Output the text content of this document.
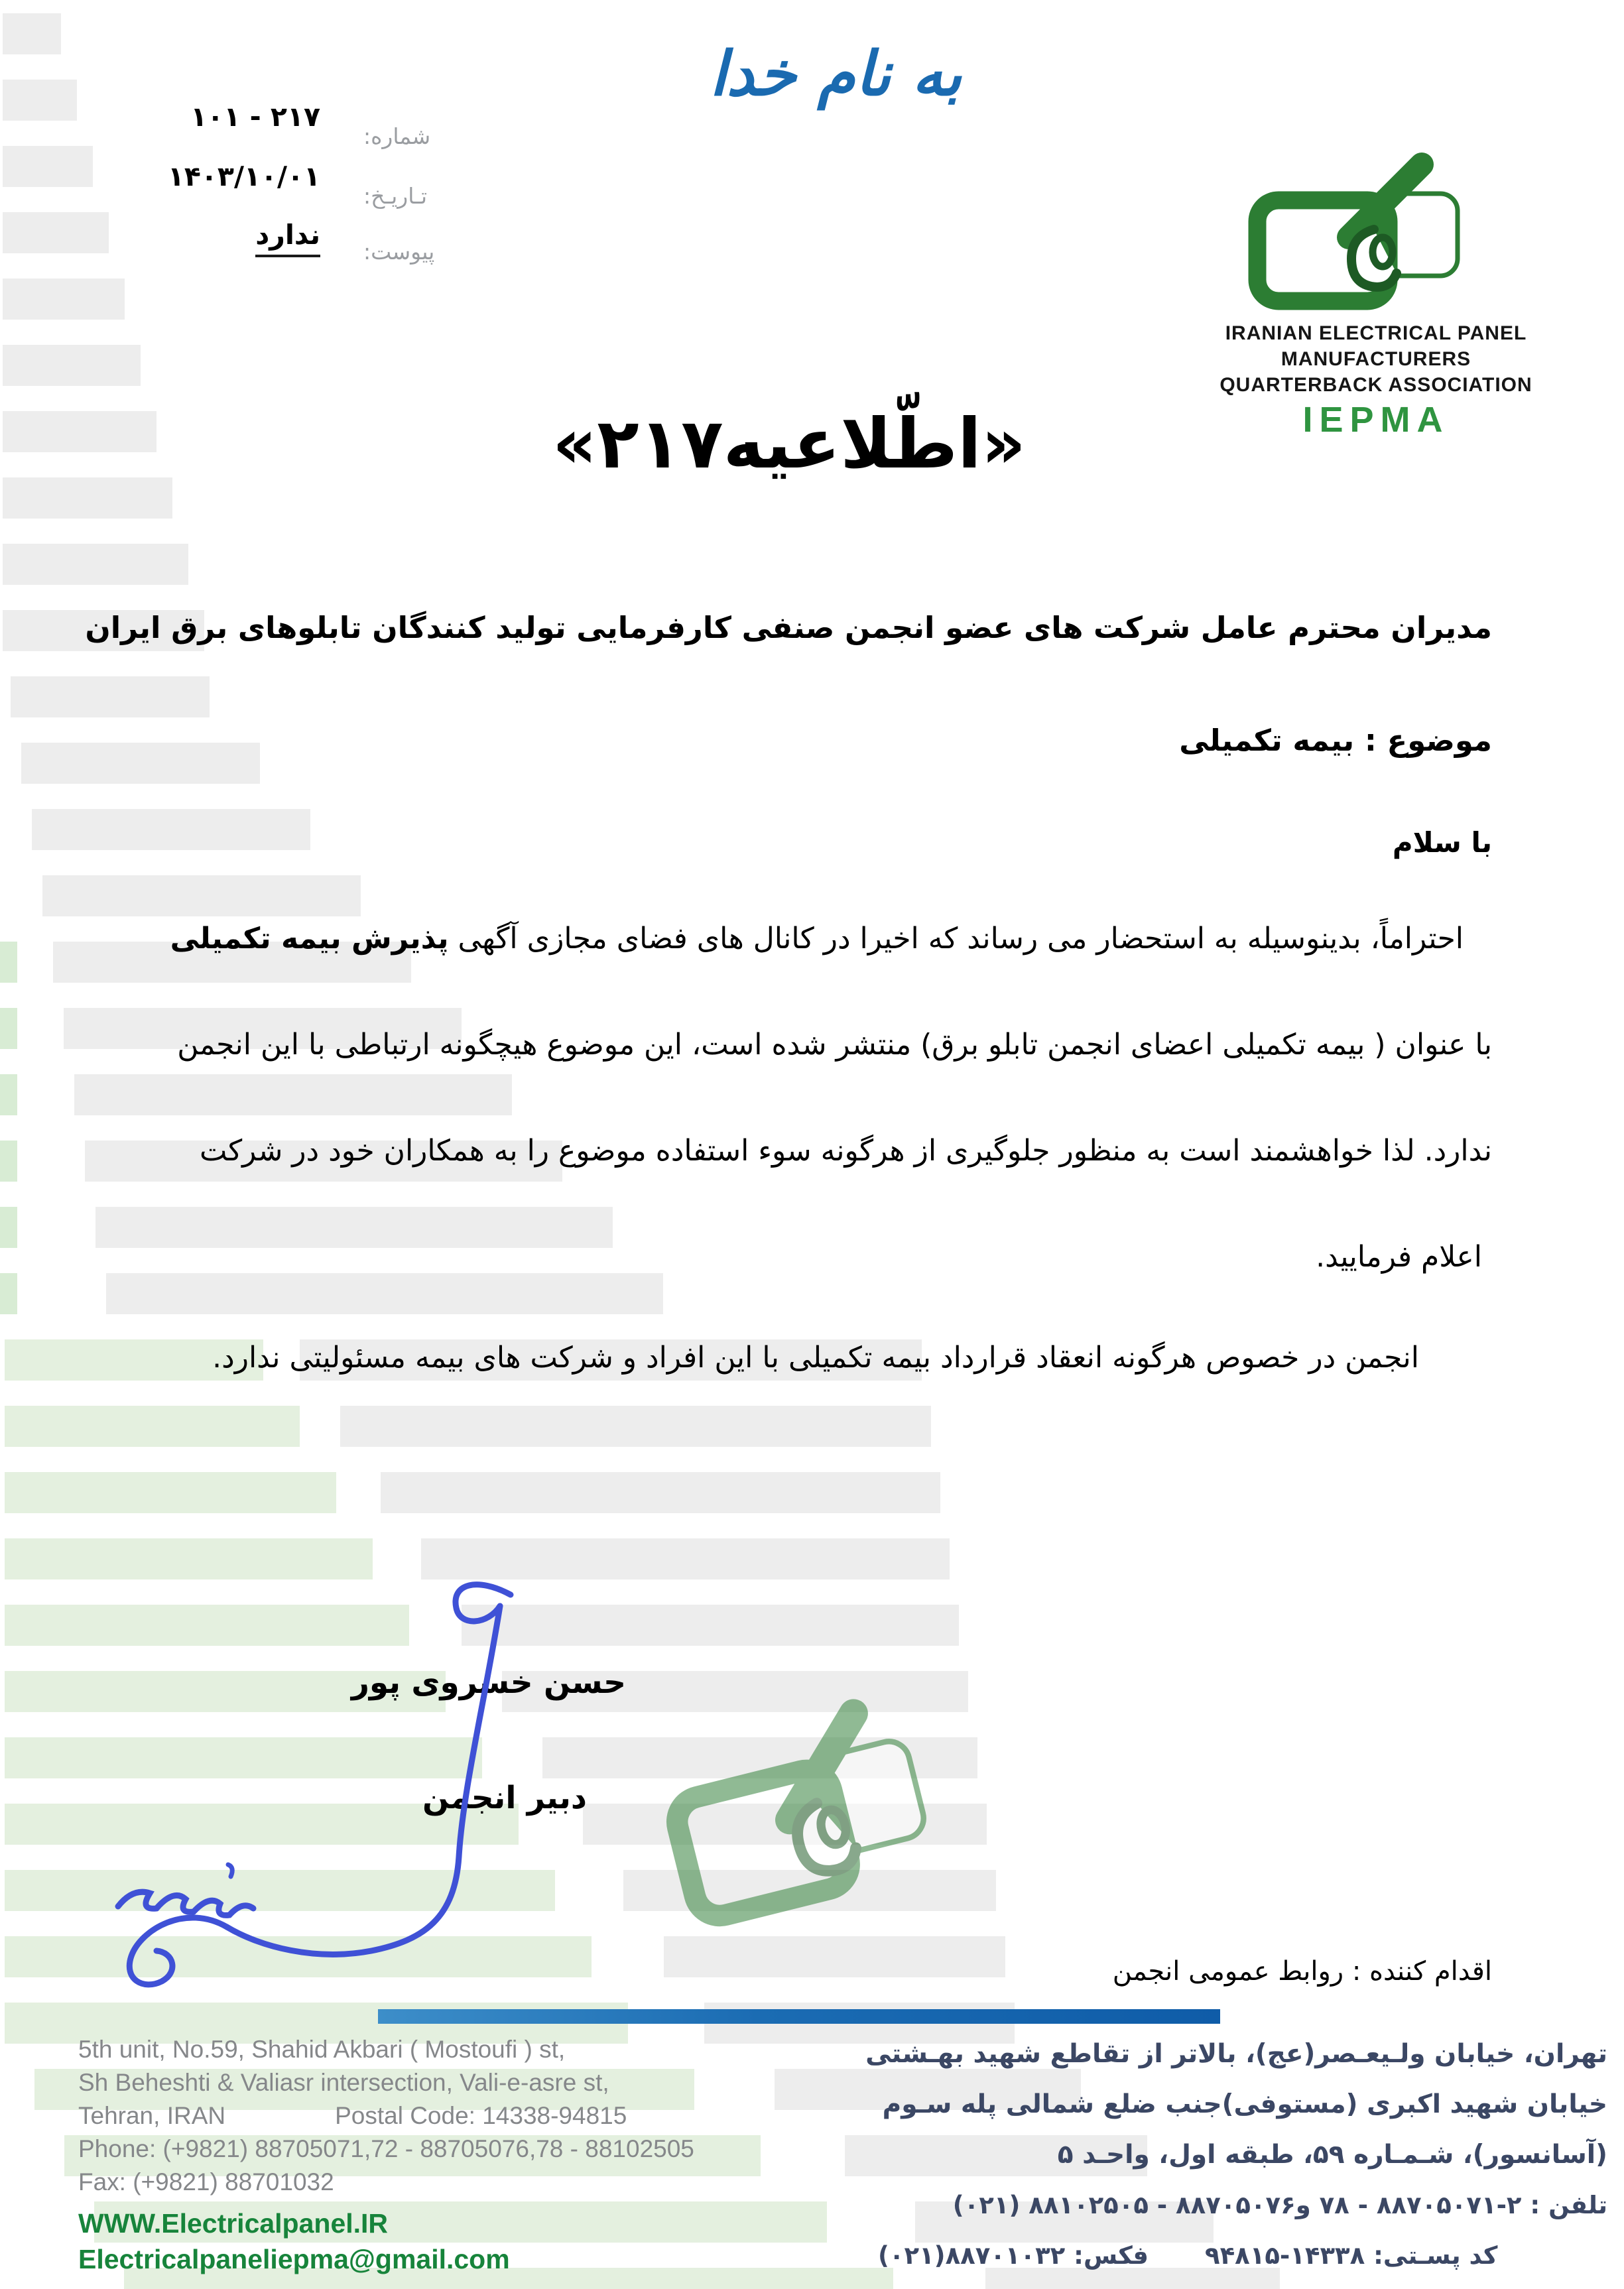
شماره:
۱۰۱ - ۲۱۷
تـاریـخ:
۱۴۰۳/۱۰/۰۱
پیوست:
ندارد
به نام خدا
IRANIAN ELECTRICAL PANEL
MANUFACTURERS
QUARTERBACK ASSOCIATION
IEPMA
«اطّلاعیه۲۱۷»
مدیران محترم عامل شرکت های عضو انجمن صنفی کارفرمایی تولید کنندگان تابلوهای برق ایران
موضوع : بیمه تکمیلی
با سلام
احتراماً، بدینوسیله به استحضار می رساند که اخیرا در کانال های فضای مجازی آگهی پذیرش بیمه تکمیلی
با عنوان ( بیمه تکمیلی اعضای انجمن تابلو برق) منتشر شده است، این موضوع هیچگونه ارتباطی با این انجمن
ندارد. لذا خواهشمند است به منظور جلوگیری از هرگونه سوء استفاده موضوع را به همکاران خود در شرکت
اعلام فرمایید.
انجمن در خصوص هرگونه انعقاد قرارداد بیمه تکمیلی با این افراد و شرکت های بیمه مسئولیتی ندارد.
انجمن صنفی کارفرمایی تولید کنندگان تابلوهای برق ایران
حسن خسروی پور
دبیر انجمن
اقدام کننده : روابط عمومی انجمن
5th unit, No.59, Shahid Akbari ( Mostoufi ) st,
Sh Beheshti & Valiasr intersection, Vali-e-asre st,
Tehran, IRAN	Postal Code: 14338-94815
Phone: (+9821) 88705071,72 - 88705076,78 - 88102505
Fax: (+9821) 88701032
WWW.Electricalpanel.IR
Electricalpaneliepma@gmail.com
تهران، خیابان ولـیعـصر(عج)، بالاتر از تقاطع شهید بهـشتی
خیابان شهید اکبری (مستوفی)جنب ضلع شمالی پله سـوم
(آسانسور)، شـمـاره ۵۹، طبقه اول، واحـد ۵
تلفن : ۲-۸۸۷۰۵۰۷۱ - ۷۸ و۸۸۷۰۵۰۷۶ - ۸۸۱۰۲۵۰۵ (۰۲۱)
فکس: ۸۸۷۰۱۰۳۲(۰۲۱) کد پسـتی: ۱۴۳۳۸-۹۴۸۱۵
